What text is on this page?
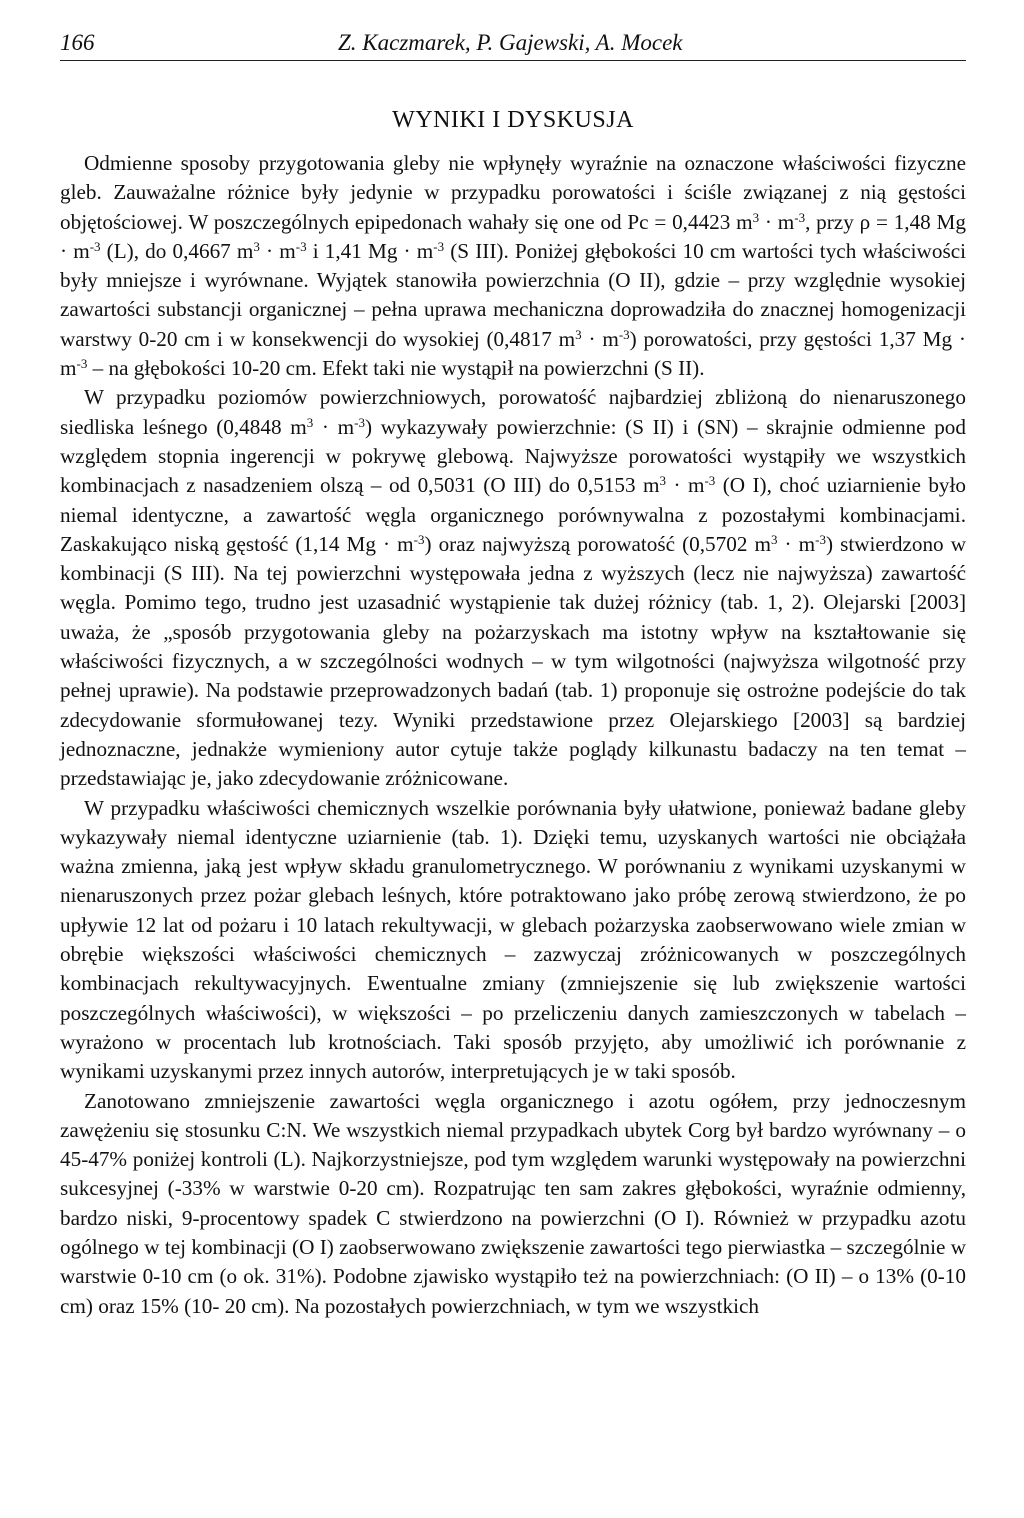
166	Z. Kaczmarek, P. Gajewski, A. Mocek
WYNIKI I DYSKUSJA

Odmienne sposoby przygotowania gleby nie wpłynęły wyraźnie na oznaczone właściwości fizyczne gleb. Zauważalne różnice były jedynie w przypadku porowatości i ściśle związanej z nią gęstości objętościowej. W poszczególnych epipedonach wahały się one od Pc = 0,4423 $m^3 \cdot m^{-3}$, przy ρ = 1,48 $Mg \cdot m^{-3}$ (L), do 0,4667 $m^3 \cdot m^{-3}$ i 1,41 $Mg \cdot m^{-3}$ (S III). Poniżej głębokości 10 cm wartości tych właściwości były mniejsze i wyrównane. Wyjątek stanowiła powierzchnia (O II), gdzie – przy względnie wysokiej zawartości substancji organicznej – pełna uprawa mechaniczna doprowadziła do znacznej homogenizacji warstwy 0-20 cm i w konsekwencji do wysokiej (0,4817 $m^3 \cdot m^{-3}$) porowatości, przy gęstości 1,37 $Mg \cdot m^{-3}$ – na głębokości 10-20 cm. Efekt taki nie wystąpił na powierzchni (S II).

W przypadku poziomów powierzchniowych, porowatość najbardziej zbliżoną do nienaruszonego siedliska leśnego (0,4848 $m^3 \cdot m^{-3}$) wykazywały powierzchnie: (S II) i (SN) – skrajnie odmienne pod względem stopnia ingerencji w pokrywę glebową. Najwyższe porowatości wystąpiły we wszystkich kombinacjach z nasadzeniem olszą – od 0,5031 (O III) do 0,5153 $m^3 \cdot m^{-3}$ (O I), choć uziarnienie było niemal identyczne, a zawartość węgla organicznego porównywalna z pozostałymi kombinacjami. Zaskakująco niską gęstość (1,14 $Mg \cdot m^{-3}$) oraz najwyższą porowatość (0,5702 $m^3 \cdot m^{-3}$) stwierdzono w kombinacji (S III). Na tej powierzchni występowała jedna z wyższych (lecz nie najwyższa) zawartość węgla. Pomimo tego, trudno jest uzasadnić wystąpienie tak dużej różnicy (tab. 1, 2). Olejarski [2003] uważa, że „sposób przygotowania gleby na pożarzyskach ma istotny wpływ na kształtowanie się właściwości fizycznych, a w szczególności wodnych – w tym wilgotności (najwyższa wilgotność przy pełnej uprawie). Na podstawie przeprowadzonych badań (tab. 1) proponuje się ostrożne podejście do tak zdecydowanie sformułowanej tezy. Wyniki przedstawione przez Olejarskiego [2003] są bardziej jednoznaczne, jednakże wymieniony autor cytuje także poglądy kilkunastu badaczy na ten temat – przedstawiając je, jako zdecydowanie zróżnicowane.

W przypadku właściwości chemicznych wszelkie porównania były ułatwione, ponieważ badane gleby wykazywały niemal identyczne uziarnienie (tab. 1). Dzięki temu, uzyskanych wartości nie obciążała ważna zmienna, jaką jest wpływ składu granulometrycznego. W porównaniu z wynikami uzyskanymi w nienaruszonych przez pożar glebach leśnych, które potraktowano jako próbę zerową stwierdzono, że po upływie 12 lat od pożaru i 10 latach rekultywacji, w glebach pożarzyska zaobserwowano wiele zmian w obrębie większości właściwości chemicznych – zazwyczaj zróżnicowanych w poszczególnych kombinacjach rekultywacyjnych. Ewentualne zmiany (zmniejszenie się lub zwiększenie wartości poszczególnych właściwości), w większości – po przeliczeniu danych zamieszczonych w tabelach – wyrażono w procentach lub krotnościach. Taki sposób przyjęto, aby umożliwić ich porównanie z wynikami uzyskanymi przez innych autorów, interpretujących je w taki sposób.

Zanotowano zmniejszenie zawartości węgla organicznego i azotu ogółem, przy jednoczesnym zawężeniu się stosunku C:N. We wszystkich niemal przypadkach ubytek Corg był bardzo wyrównany – o 45-47% poniżej kontroli (L). Najkorzystniejsze, pod tym względem warunki występowały na powierzchni sukcesyjnej (-33% w warstwie 0-20 cm). Rozpatrując ten sam zakres głębokości, wyraźnie odmienny, bardzo niski, 9-procentowy spadek C stwierdzono na powierzchni (O I). Również w przypadku azotu ogólnego w tej kombinacji (O I) zaobserwowano zwiększenie zawartości tego pierwiastka – szczególnie w warstwie 0-10 cm (o ok. 31%). Podobne zjawisko wystąpiło też na powierzchniach: (O II) – o 13% (0-10 cm) oraz 15% (10- 20 cm). Na pozostałych powierzchniach, w tym we wszystkich
